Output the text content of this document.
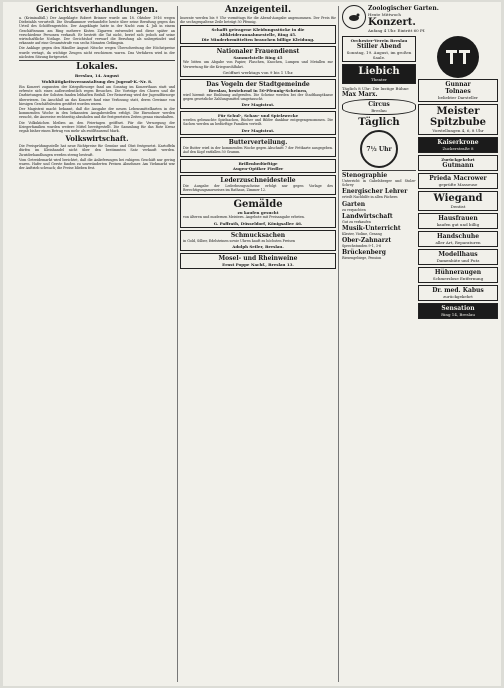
Gerichtsverhandlungen.

a. (Kriminalfall.) Der Angeklagte Robert Brinner wurde am 18. Oktober 1916 wegen Diebstahls verurteilt. Die Strafkammer verhandelte heute über seine Berufung gegen das Urteil des Schöffengerichts. Der Angeklagte hatte in der Nacht zum 4. Juli in einem Geschäftsraum am Ring mehrere Kisten Zigarren entwendet und diese später an verschiedene Personen verkauft. Er bestritt die Tat nicht, berief sich jedoch auf seine wirtschaftliche Notlage. Der Gerichtshof verwarf die Berufung als unbegründet und erkannte auf eine Gesamtstrafe von sechs Monaten Gefängnis.

Die Anklage gegen den Händler August Nitsche wegen Überschreitung der Höchstpreise wurde vertagt, da wichtige Zeugen nicht erschienen waren. Das Verfahren wird in der nächsten Sitzung fortgesetzt.

Lokales.
Breslau, 14. August
Wohltätigkeitsveranstaltung des Jugend-K.-Nr. 8.

Ein Konzert zugunsten der Kriegsfürsorge fand am Sonntag im Konzerthaus statt und erfreute sich eines außerordentlich regen Besuches. Die Vorträge des Chores und die Darbietungen der Solisten fanden lebhaften Beifall. Der Reinertrag wird der Jugendfürsorge überwiesen. Im Anschluß an das Konzert fand eine Verlosung statt, deren Gewinne von hiesigen Geschäftsleuten gestiftet worden waren.

Der Magistrat macht bekannt, daß die Ausgabe der neuen Lebensmittelkarten in der kommenden Woche in den bekannten Ausgabestellen erfolgt. Die Einwohner werden ersucht, die Ausweise rechtzeitig abzuholen und die festgesetzten Zeiten genau einzuhalten.

Die Volksküchen bleiben an den Feiertagen geöffnet. Für die Versorgung der Kriegerfamilien wurden weitere Mittel bereitgestellt. Die Sammlung für das Rote Kreuz ergab bisher einen Betrag von mehr als zwölftausend Mark.

Volkswirtschaft.

Die Preisprüfungsstelle hat neue Richtpreise für Gemüse und Obst festgesetzt. Kartoffeln dürfen im Kleinhandel nicht über den bestimmten Satz verkauft werden. Zuwiderhandlungen werden streng bestraft.

Vom Getreidemarkt wird berichtet, daß die Anlieferungen bei ruhigem Geschäft nur gering waren. Hafer und Gerste fanden zu unveränderten Preisen Abnehmer. Am Viehmarkt war der Auftrieb schwach; die Preise blieben fest.

Anzeigenteil.

Inserate werden bis 9 Uhr vormittags für die Abend-Ausgabe angenommen. Der Preis für die sechsgespaltene Zeile beträgt 50 Pfennig.

Schafft getragene Kleidungsstücke in die Altkleiderannahmestelle, Ring 45.
Die Minderbemittelten brauchen billige Kleidung.
Nationaler Frauendienst
Sammelstelle Ring 45

Wir bitten um Abgabe von Papier, Flaschen, Knochen, Lumpen und Metallen zur Verwertung für die Kriegswohlfahrt.

Geöffnet werktags von 9 bis 1 Uhr.
Das Vogeln der Stadtgemeinde
Breslau, bestehend in 50-Pfennig-Scheinen,

wird hiermit zur Einlösung aufgerufen. Die Scheine werden bei der Stadthauptkasse gegen gesetzliche Zahlungsmittel umgetauscht.

Der Magistrat.
Für Schul-, Schau- und Spielzwecke

werden gebrauchte Spielsachen, Bücher und Bilder dankbar entgegengenommen. Die Sachen werden an bedürftige Familien verteilt.

Der Magistrat.
Butterverteilung.

Die Butter wird in der kommenden Woche gegen Abschnitt 7 der Fettkarte ausgegeben. Auf den Kopf entfallen 50 Gramm.

Brillenbedürftige
Augen-Optiker Fiedler
Lederzuschneidestelle

Die Ausgabe der Lederbezugsscheine erfolgt nur gegen Vorlage des Berechtigungsausweises im Rathaus, Zimmer 12.

Gemälde
zu kaufen gesucht

von älteren und modernen Meistern. Angebote mit Preisangabe erbeten.

G. Paffrath, Düsseldorf, Königsallee 46.
Schmucksachen

in Gold, Silber, Edelsteinen sowie Uhren kauft zu höchsten Preisen

Adolph Seiler, Breslau.
Mosel- und Rheinweine
Ernst Poppe Nachf., Breslau 13.
Zoologischer Garten.
Heute Mittwoch
Konzert.
Anfang 4 Uhr. Eintritt 60 Pf.
Orchester-Verein Breslau
Stiller Abend
Sonntag, 19. August, im großen Saale.
Liebich
Theater
Täglich 8 Uhr: Die lustige Bühne
Max Marx.
Circus
Breslau
Täglich
7½ Uhr
Stenographie

Unterricht in Gabelsberger und Stolze-Schrey

Energischer Lehrer

erteilt Nachhilfe in allen Fächern

Garten

zu verpachten

Landwirtschaft

Gut zu verkaufen

Musik-Unterricht

Klavier, Violine, Gesang

Ober-Zahnarzt

Sprechstunden 9-1, 3-6

Brückenberg

Riesengebirge, Pension

Gunnar
Tolnaes
beliebter Darsteller
Meister Spitzbube
Vorstellungen 4, 6, 8 Uhr
Kaiserkrone
Zuckerstraße 8
Zurückgekehrt
Gutmann
Prieda Macrower
geprüfte Masseuse
Wiegand
Dentist
Hausfrauen
kaufen gut und billig
Handschuhe
aller Art, Reparaturen
Modellhaus
Damenhüte und Putz
Hühneraugen
Schmerzlose Entfernung
Dr. med. Kabus
zurückgekehrt
Sensation
Ring 14, Breslau
